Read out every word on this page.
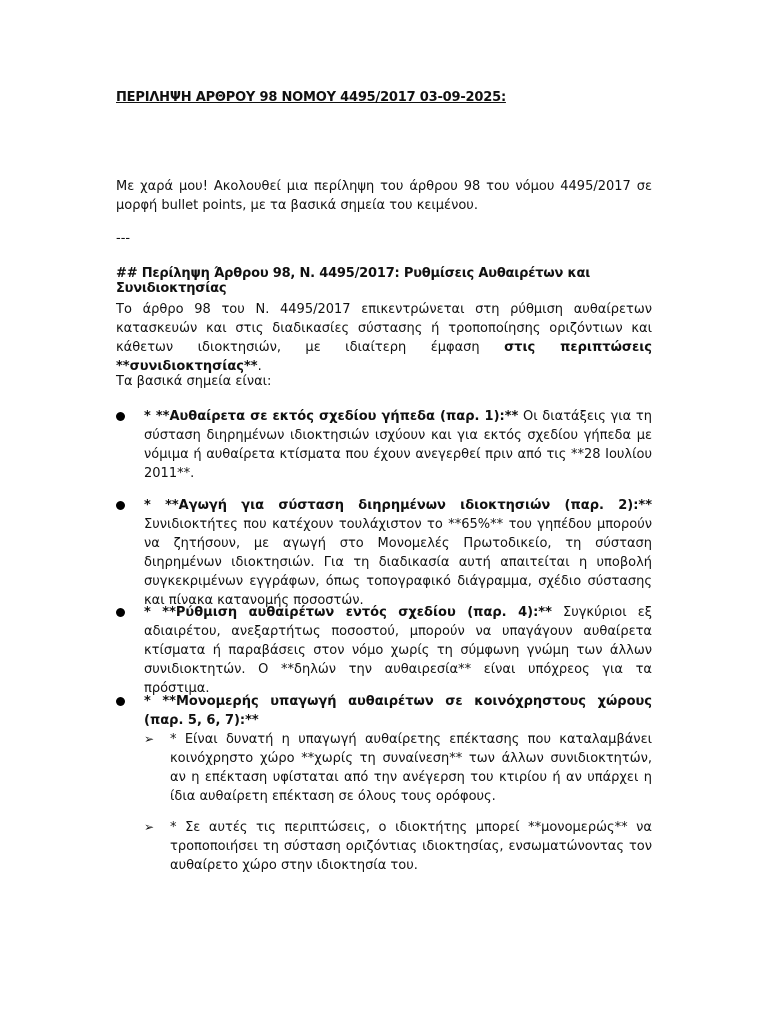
ΠΕΡΙΛΗΨΗ ΑΡΘΡΟΥ 98 ΝΟΜΟΥ 4495/2017 03-09-2025:

Με χαρά μου! Ακολουθεί μια περίληψη του άρθρου 98 του νόμου 4495/2017 σε μορφή bullet points, με τα βασικά σημεία του κειμένου.

---
## Περίληψη Άρθρου 98, Ν. 4495/2017: Ρυθμίσεις Αυθαιρέτων και Συνιδιοκτησίας

Το άρθρο 98 του Ν. 4495/2017 επικεντρώνεται στη ρύθμιση αυθαίρετων κατασκευών και στις διαδικασίες σύστασης ή τροποποίησης οριζόντιων και κάθετων ιδιοκτησιών, με ιδιαίτερη έμφαση στις περιπτώσεις **συνιδιοκτησίας**.

Τα βασικά σημεία είναι:
* **Αυθαίρετα σε εκτός σχεδίου γήπεδα (παρ. 1):** Οι διατάξεις για τη σύσταση διηρημένων ιδιοκτησιών ισχύουν και για εκτός σχεδίου γήπεδα με νόμιμα ή αυθαίρετα κτίσματα που έχουν ανεγερθεί πριν από τις **28 Ιουλίου 2011**.
* **Αγωγή για σύσταση διηρημένων ιδιοκτησιών (παρ. 2):** Συνιδιοκτήτες που κατέχουν τουλάχιστον το **65%** του γηπέδου μπορούν να ζητήσουν, με αγωγή στο Μονομελές Πρωτοδικείο, τη σύσταση διηρημένων ιδιοκτησιών. Για τη διαδικασία αυτή απαιτείται η υποβολή συγκεκριμένων εγγράφων, όπως τοπογραφικό διάγραμμα, σχέδιο σύστασης και πίνακα κατανομής ποσοστών.
* **Ρύθμιση αυθαιρέτων εντός σχεδίου (παρ. 4):** Συγκύριοι εξ αδιαιρέτου, ανεξαρτήτως ποσοστού, μπορούν να υπαγάγουν αυθαίρετα κτίσματα ή παραβάσεις στον νόμο χωρίς τη σύμφωνη γνώμη των άλλων συνιδιοκτητών. Ο **δηλών την αυθαιρεσία** είναι υπόχρεος για τα πρόστιμα.
* **Μονομερής υπαγωγή αυθαιρέτων σε κοινόχρηστους χώρους (παρ. 5, 6, 7):**
➢ * Είναι δυνατή η υπαγωγή αυθαίρετης επέκτασης που καταλαμβάνει κοινόχρηστο χώρο **χωρίς τη συναίνεση** των άλλων συνιδιοκτητών, αν η επέκταση υφίσταται από την ανέγερση του κτιρίου ή αν υπάρχει η ίδια αυθαίρετη επέκταση σε όλους τους ορόφους.
➢ * Σε αυτές τις περιπτώσεις, ο ιδιοκτήτης μπορεί **μονομερώς** να τροποποιήσει τη σύσταση οριζόντιας ιδιοκτησίας, ενσωματώνοντας τον αυθαίρετο χώρο στην ιδιοκτησία του.
